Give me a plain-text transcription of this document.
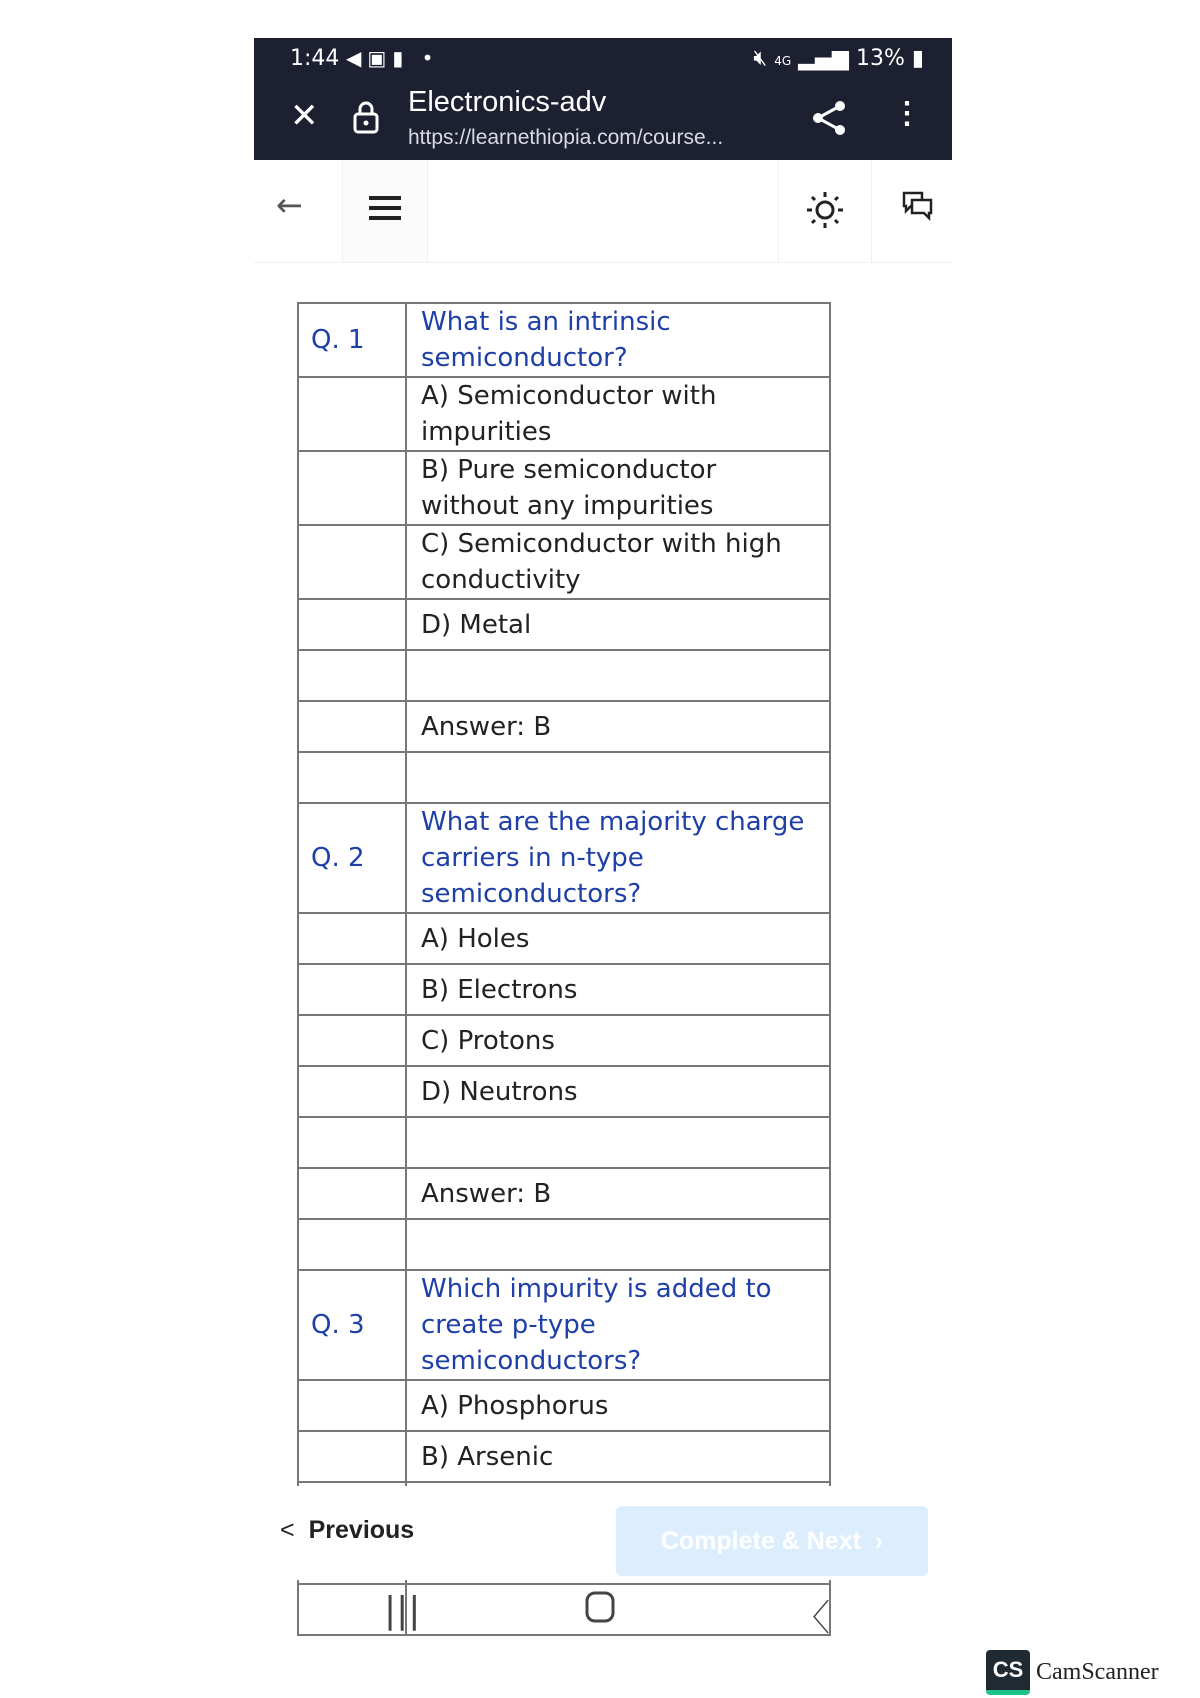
1:44 ◀▣▮ •	🔇︎ 4G ▂▄▆ 13% ▮
✕	Electronics-adv
https://learnethiopia.com/course...
⋮
←
Q. 1	What is an intrinsic semiconductor?
	A) Semiconductor with impurities
	B) Pure semiconductor without any impurities
	C) Semiconductor with high conductivity
	D) Metal

	Answer: B

Q. 2	What are the majority charge carriers in n-type semiconductors?
	A) Holes
	B) Electrons
	C) Protons
	D) Neutrons

	Answer: B

Q. 3	Which impurity is added to create p-type semiconductors?
	A) Phosphorus
	B) Arsenic

< Previous	Complete & Next  ›
|||	〈
CS CamScanner
